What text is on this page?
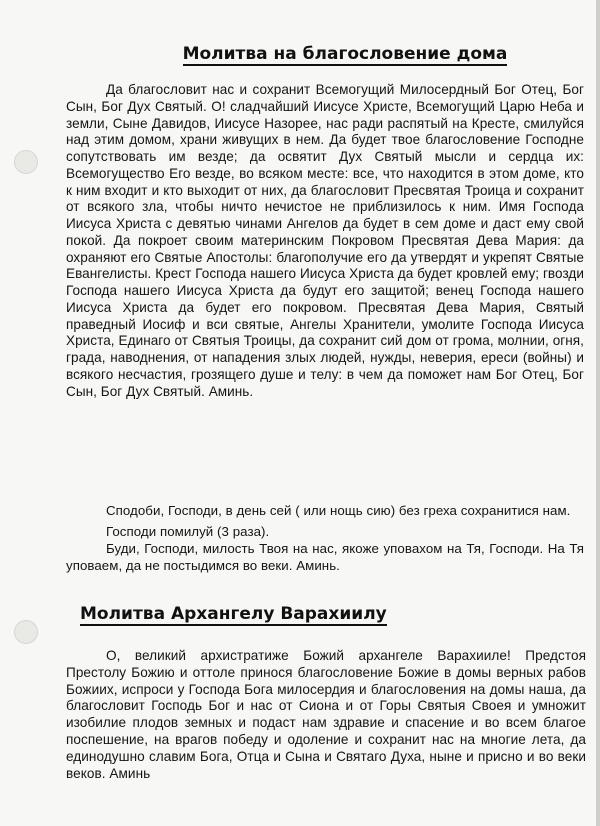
Молитва на благословение дома

Да благословит нас и сохранит Всемогущий Милосердный Бог Отец, Бог Сын, Бог Дух Святый. О! сладчайший Иисусе Христе, Всемогущий Царю Неба и земли, Сыне Давидов, Иисусе Назорее, нас ради распятый на Кресте, смилуйся над этим домом, храни живущих в нем. Да будет твое благословение Господне сопутствовать им везде; да освятит Дух Святый мысли и сердца их: Всемогущество Его везде, во всяком месте: все, что находится в этом доме, кто к ним входит и кто выходит от них, да благословит Пресвятая Троица и сохранит от всякого зла, чтобы ничто нечистое не приблизилось к ним. Имя Господа Иисуса Христа с девятью чинами Ангелов да будет в сем доме и даст ему свой покой. Да покроет своим материнским Покровом Пресвятая Дева Мария: да охраняют его Святые Апостолы: благополучие его да утвердят и укрепят Святые Евангелисты. Крест Господа нашего Иисуса Христа да будет кровлей ему; гвозди Господа нашего Иисуса Христа да будут его защитой; венец Господа нашего Иисуса Христа да будет его покровом. Пресвятая Дева Мария, Святый праведный Иосиф и вси святые, Ангелы Хранители, умолите Господа Иисуса Христа, Единаго от Святыя Троицы, да сохранит сий дом от грома, молнии, огня, града, наводнения, от нападения злых людей, нужды, неверия, ереси (войны) и всякого несчастия, грозящего душе и телу: в чем да поможет нам Бог Отец, Бог Сын, Бог Дух Святый. Аминь.

Сподоби, Господи, в день сей ( или нощь сию) без греха сохранитися нам.

Господи помилуй (3 раза).

Буди, Господи, милость Твоя на нас, якоже уповахом на Тя, Господи. На Тя уповаем, да не постыдимся во веки. Аминь.

Молитва Архангелу Варахиилу

О, великий архистратиже Божий архангеле Варахииле! Предстоя Престолу Божию и оттоле принося благословение Божие в домы верных рабов Божиих, испроси у Господа Бога милосердия и благословения на домы наша, да благословит Господь Бог и нас от Сиона и от Горы Святыя Своея и умножит изобилие плодов земных и подаст нам здравие и спасение и во всем благое поспешение, на врагов победу и одоление и сохранит нас на многие лета, да единодушно славим Бога, Отца и Сына и Святаго Духа, ныне и присно и во веки веков. Аминь
